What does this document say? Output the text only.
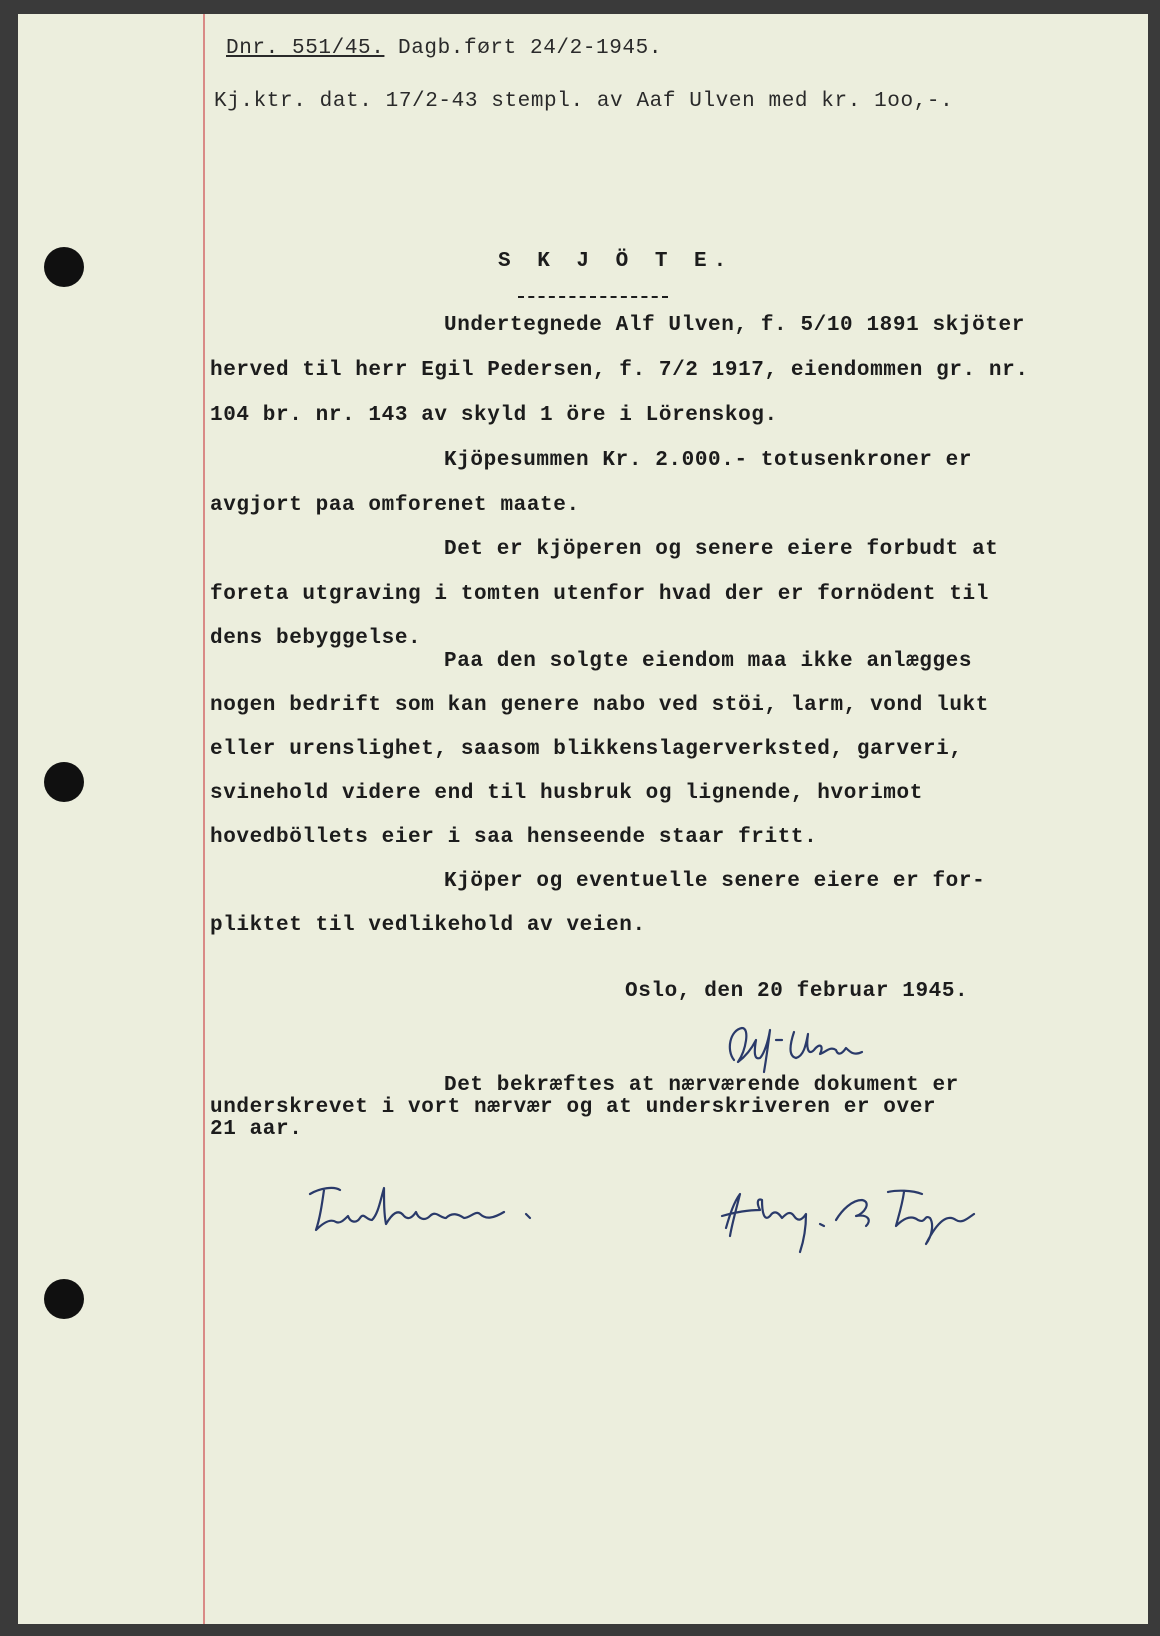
Dnr. 551/45. Dagb.ført 24/2-1945.
Kj.ktr. dat. 17/2-43 stempl. av Aaf Ulven med kr. 1oo,-.
S K J Ö T E.
Undertegnede Alf Ulven, f. 5/10 1891 skjöter
herved til herr Egil Pedersen, f. 7/2 1917, eiendommen gr. nr.
104 br. nr. 143 av skyld 1 öre i Lörenskog.
Kjöpesummen Kr. 2.000.- totusenkroner er
avgjort paa omforenet maate.
Det er kjöperen og senere eiere forbudt at
foreta utgraving i tomten utenfor hvad der er fornödent til
dens bebyggelse.
Paa den solgte eiendom maa ikke anlægges
nogen bedrift som kan genere nabo ved stöi, larm, vond lukt
eller urenslighet, saasom blikkenslagerverksted, garveri,
svinehold videre end til husbruk og lignende, hvorimot
hovedböllets eier i saa henseende staar fritt.
Kjöper og eventuelle senere eiere er for-
pliktet til vedlikehold av veien.
Oslo, den 20 februar 1945.
Det bekræftes at nærværende dokument er
underskrevet i vort nærvær og at underskriveren er over
21 aar.
